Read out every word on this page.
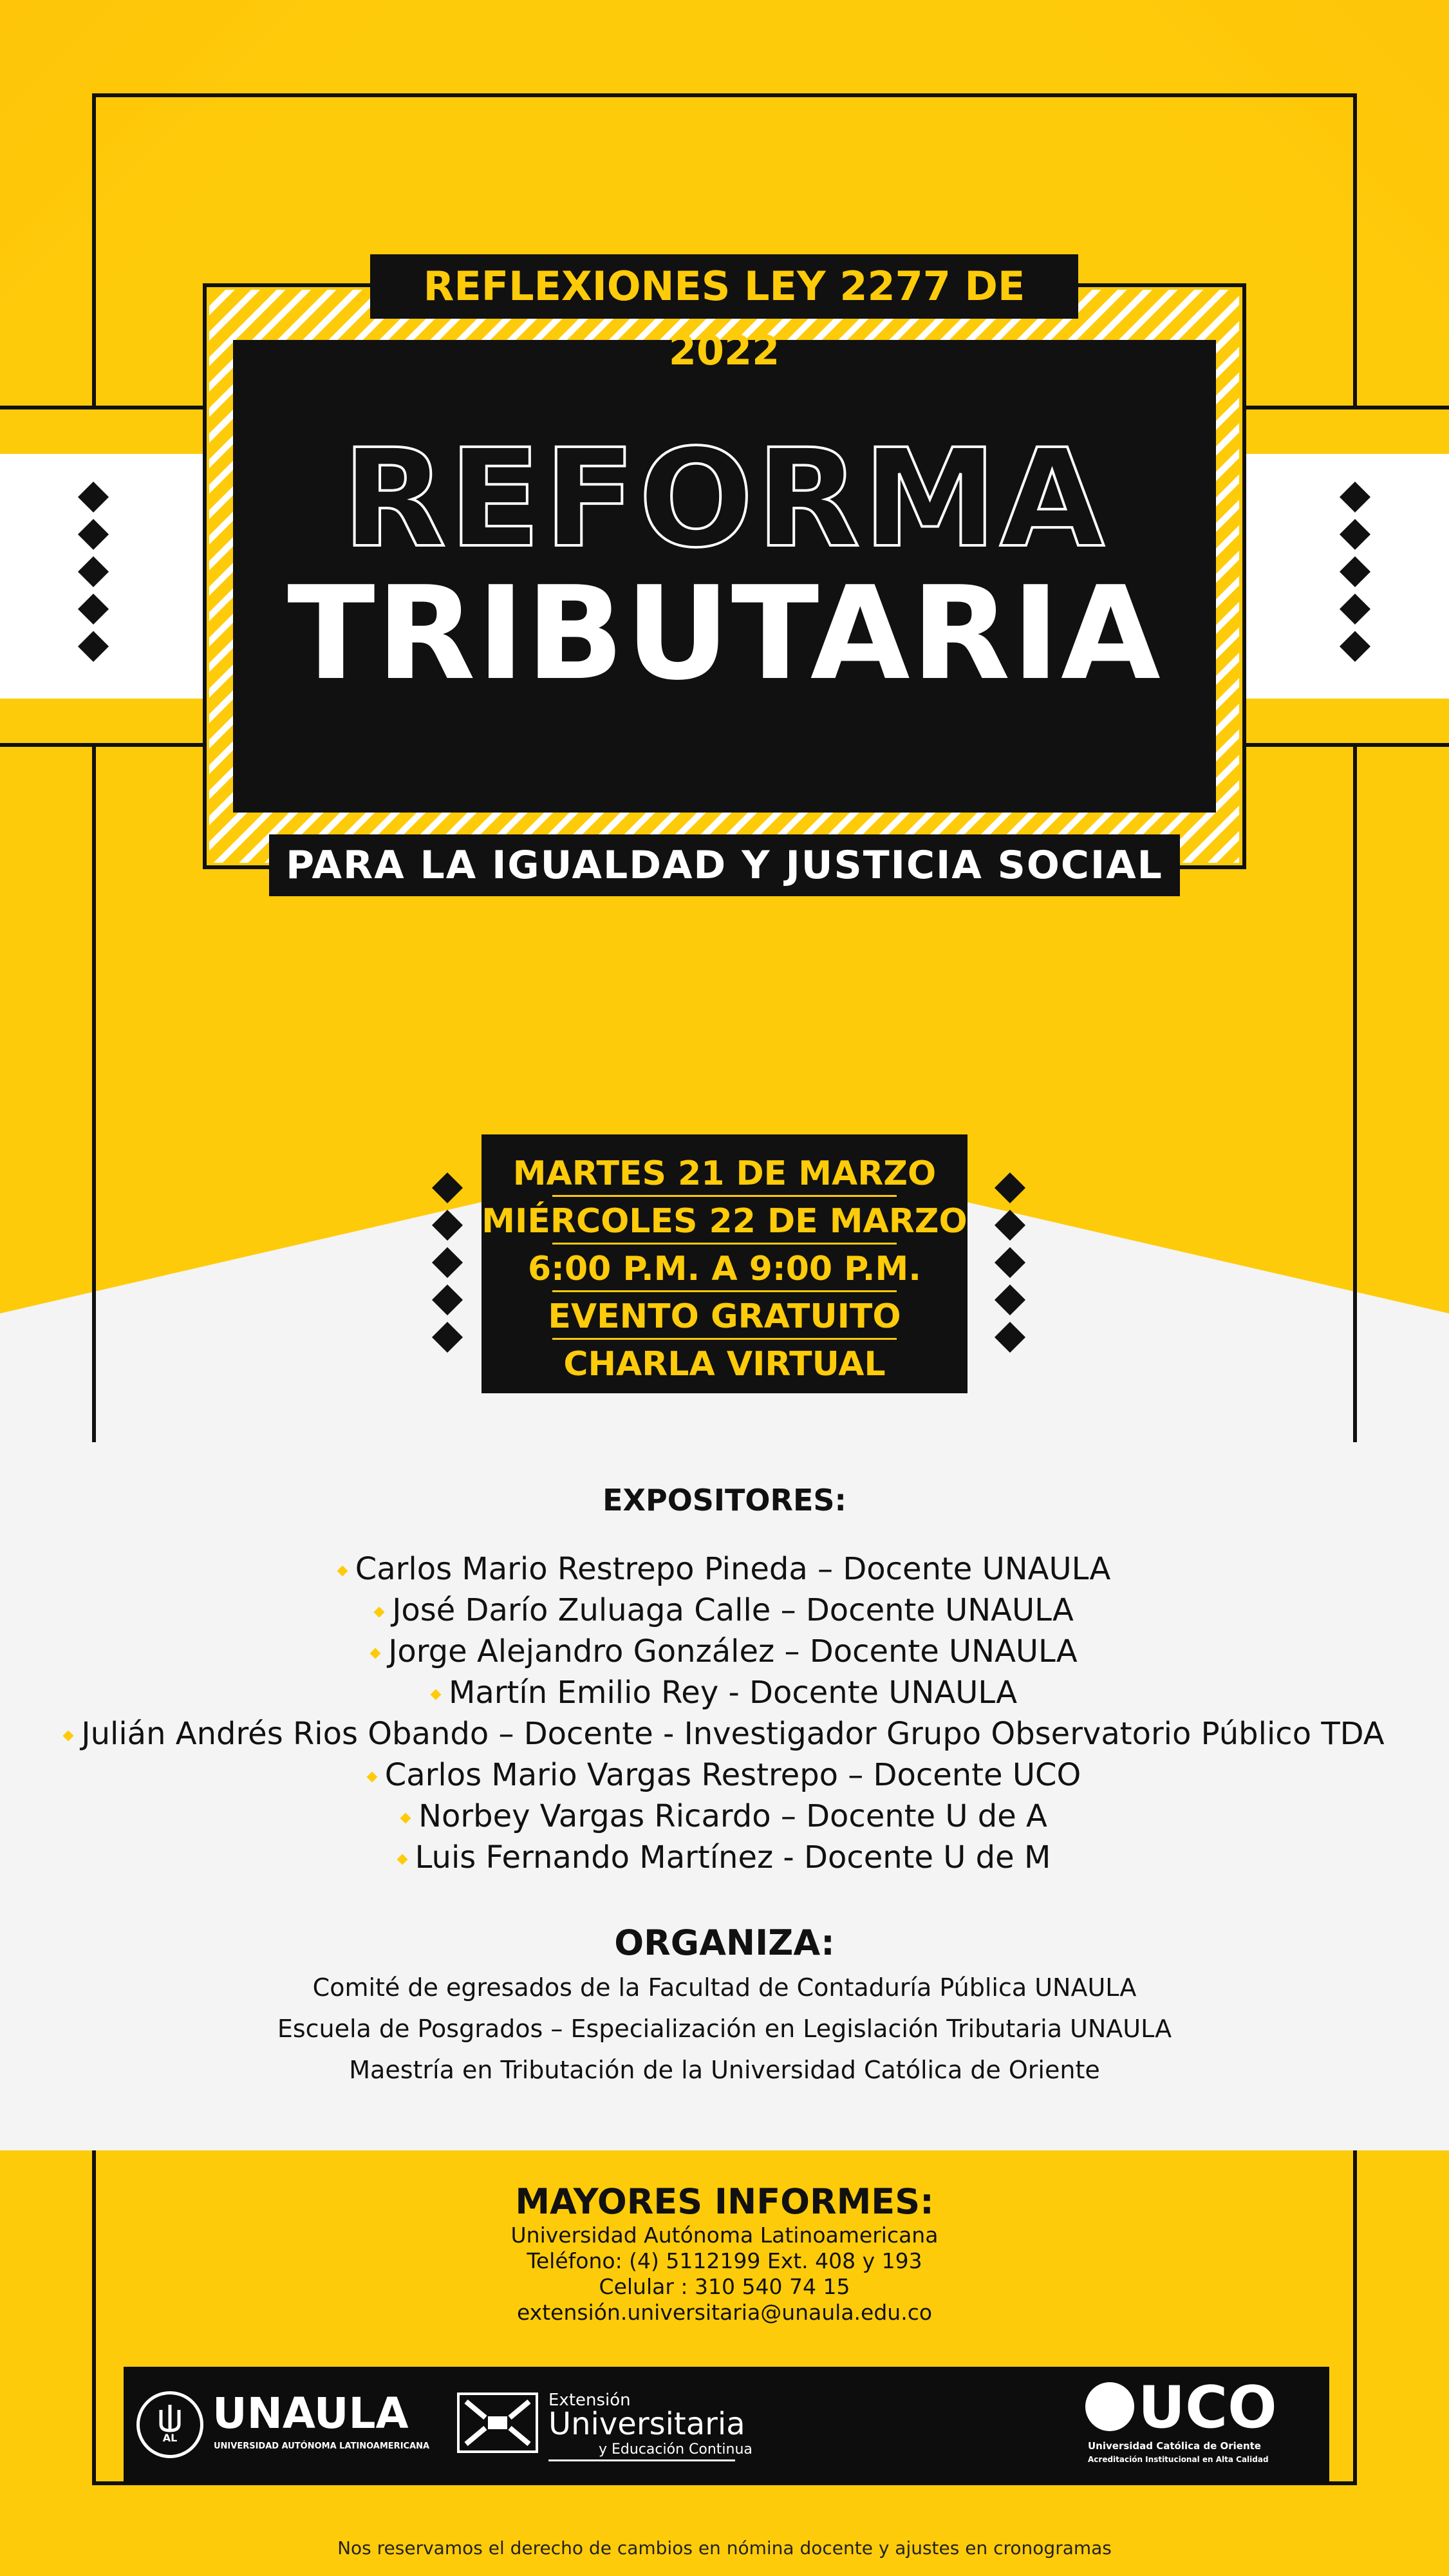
REFLEXIONES LEY 2277 DE 2022
REFORMA
TRIBUTARIA
PARA LA IGUALDAD Y JUSTICIA SOCIAL
MARTES 21 DE MARZO
MIÉRCOLES 22 DE MARZO
6:00 P.M. A 9:00 P.M.
EVENTO GRATUITO
CHARLA VIRTUAL
EXPOSITORES:
Carlos Mario Restrepo Pineda – Docente UNAULA
José Darío Zuluaga Calle – Docente UNAULA
Jorge Alejandro González – Docente UNAULA
Martín Emilio Rey - Docente UNAULA
Julián Andrés Rios Obando – Docente - Investigador Grupo Observatorio Público TDA
Carlos Mario Vargas Restrepo – Docente UCO
Norbey Vargas Ricardo – Docente U de A
Luis Fernando Martínez - Docente U de M
ORGANIZA:
Comité de egresados de la Facultad de Contaduría Pública UNAULA
Escuela de Posgrados – Especialización en Legislación Tributaria UNAULA
Maestría en Tributación de la Universidad Católica de Oriente
MAYORES INFORMES:
Universidad Autónoma Latinoamericana
Teléfono: (4) 5112199 Ext. 408 y 193
Celular : 310 540 74 15
extensión.universitaria@unaula.edu.co
AL UNAULA
UNIVERSIDAD AUTÓNOMA LATINOAMERICANA
Extensión
Universitaria
y Educación Continua
UCO
Universidad Católica de Oriente
Acreditación Institucional en Alta Calidad
Nos reservamos el derecho de cambios en nómina docente y ajustes en cronogramas
